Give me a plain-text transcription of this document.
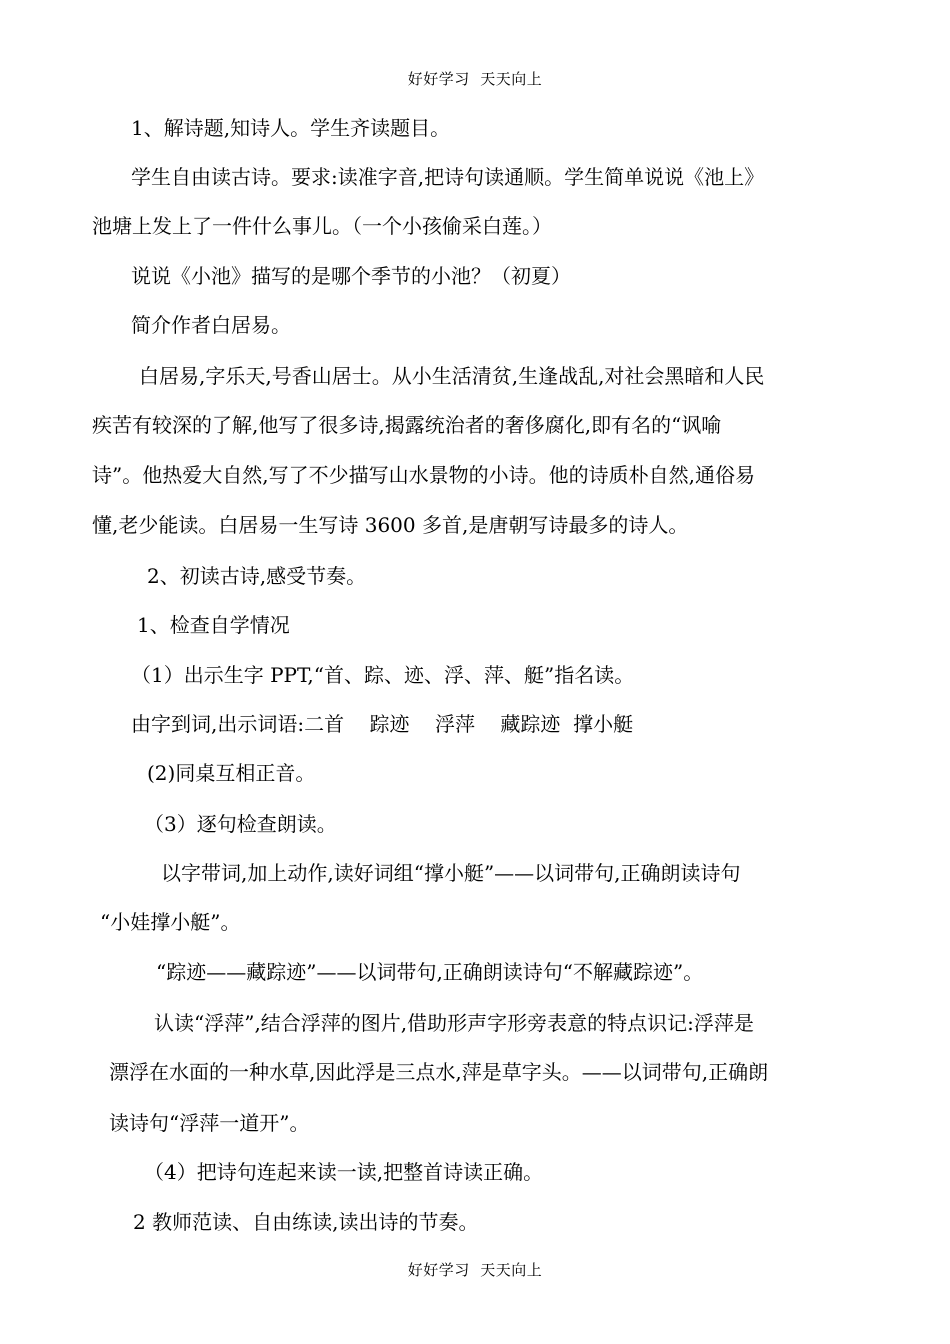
好好学习  天天向上
1、解诗题,知诗人。学生齐读题目。
学生自由读古诗。要求:读准字音,把诗句读通顺。学生简单说说《池上》
池塘上发上了一件什么事儿。（一个小孩偷采白莲。）
说说《小池》描写的是哪个季节的小池？（初夏）
简介作者白居易。
白居易,字乐天,号香山居士。从小生活清贫,生逢战乱,对社会黑暗和人民
疾苦有较深的了解,他写了很多诗,揭露统治者的奢侈腐化,即有名的“讽喻
诗”。他热爱大自然,写了不少描写山水景物的小诗。他的诗质朴自然,通俗易
懂,老少能读。白居易一生写诗 3600 多首,是唐朝写诗最多的诗人。
2、初读古诗,感受节奏。
1、检查自学情况
（1）出示生字 PPT,“首、踪、迹、浮、萍、艇”指名读。
由字到词,出示词语:二首    踪迹    浮萍    藏踪迹  撑小艇
(2)同桌互相正音。
（3）逐句检查朗读。
以字带词,加上动作,读好词组“撑小艇”——以词带句,正确朗读诗句
“小娃撑小艇”。
“踪迹——藏踪迹”——以词带句,正确朗读诗句“不解藏踪迹”。
认读“浮萍”,结合浮萍的图片,借助形声字形旁表意的特点识记:浮萍是
漂浮在水面的一种水草,因此浮是三点水,萍是草字头。——以词带句,正确朗
读诗句“浮萍一道开”。
（4）把诗句连起来读一读,把整首诗读正确。
2 教师范读、自由练读,读出诗的节奏。
好好学习  天天向上
